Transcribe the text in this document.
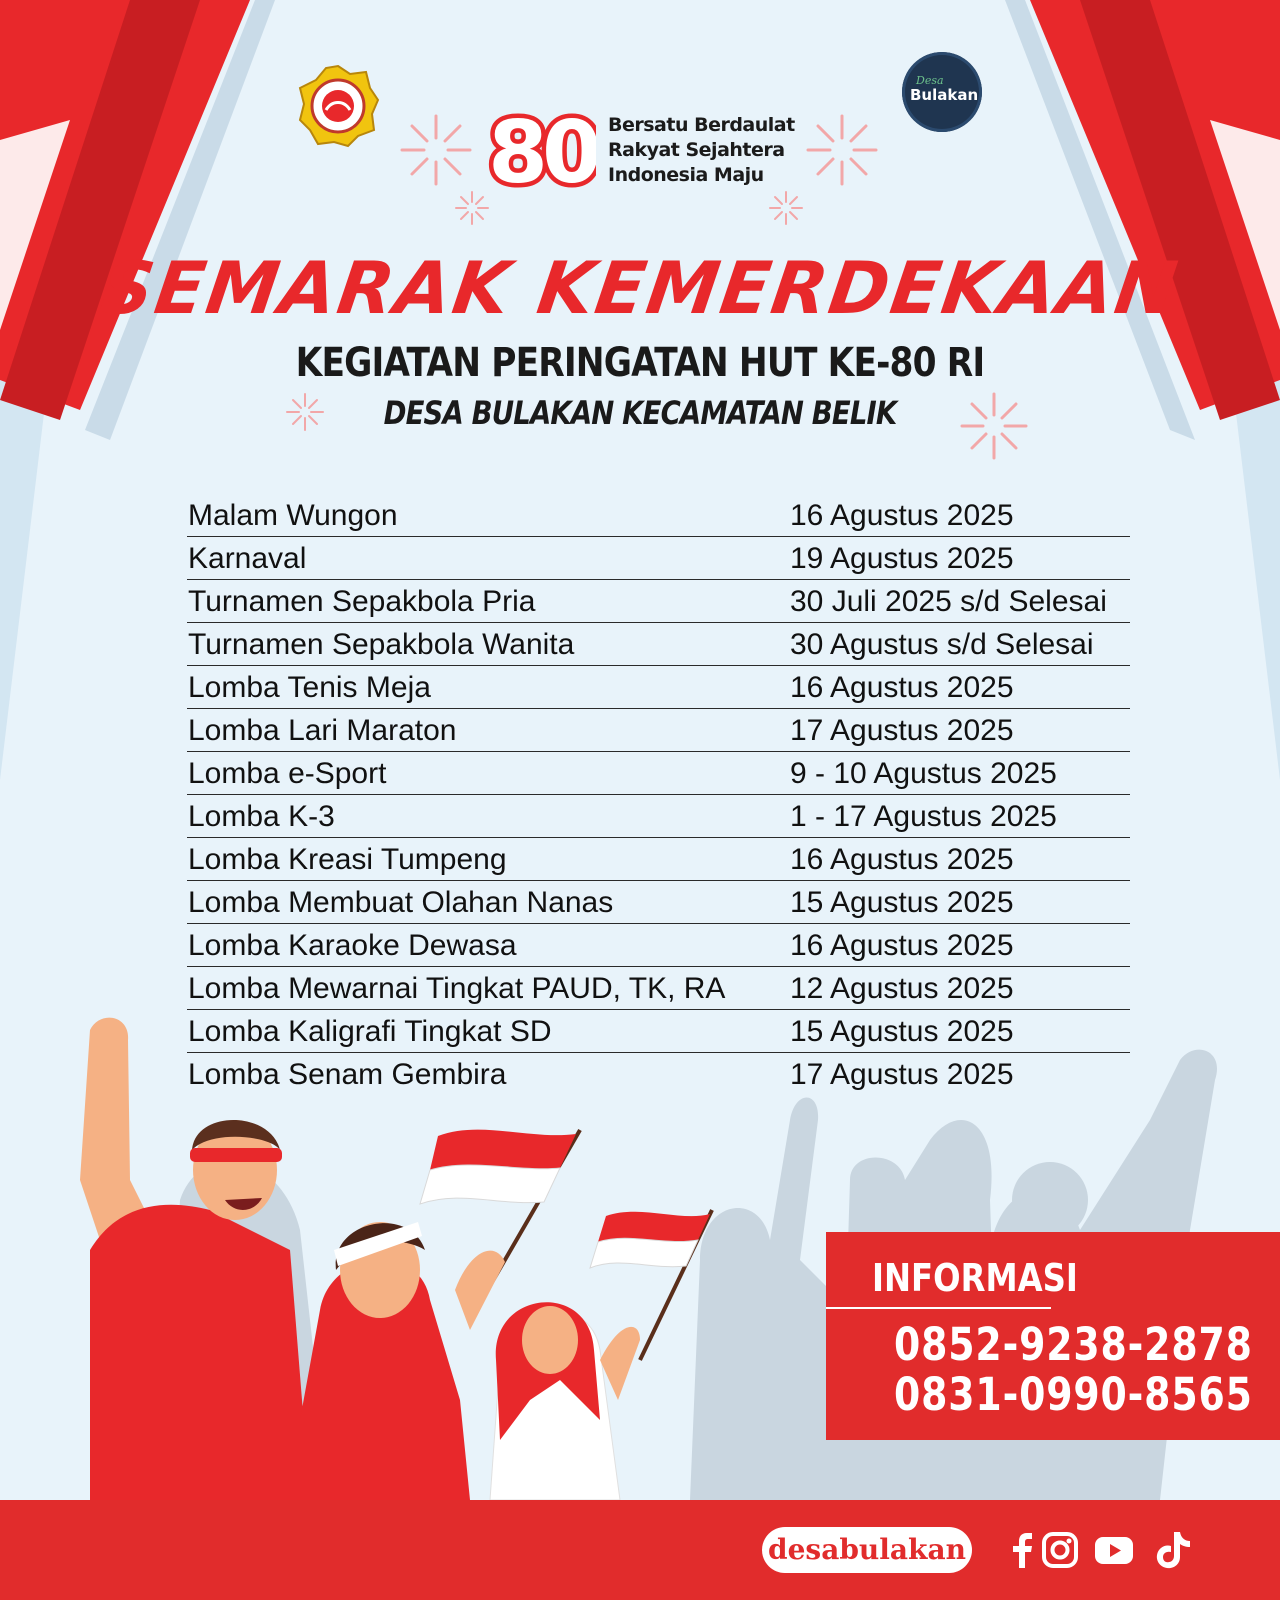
Desa
Bulakan
80 Bersatu Berdaulat
Rakyat Sejahtera
Indonesia Maju
SEMARAK KEMERDEKAAN
KEGIATAN PERINGATAN HUT KE-80 RI
DESA BULAKAN KECAMATAN BELIK
Malam Wungon	16 Agustus 2025
Karnaval	19 Agustus 2025
Turnamen Sepakbola Pria	30 Juli 2025 s/d Selesai
Turnamen Sepakbola Wanita	30 Agustus s/d Selesai
Lomba Tenis Meja	16 Agustus 2025
Lomba Lari Maraton	17 Agustus 2025
Lomba e-Sport	9 - 10 Agustus 2025
Lomba K-3	1 - 17 Agustus 2025
Lomba Kreasi Tumpeng	16 Agustus 2025
Lomba Membuat Olahan Nanas	15 Agustus 2025
Lomba Karaoke Dewasa	16 Agustus 2025
Lomba Mewarnai Tingkat PAUD, TK, RA 12 Agustus 2025
Lomba Kaligrafi Tingkat SD	15 Agustus 2025
Lomba Senam Gembira	17 Agustus 2025
INFORMASI
0852-9238-2878
0831-0990-8565
desabulakan
